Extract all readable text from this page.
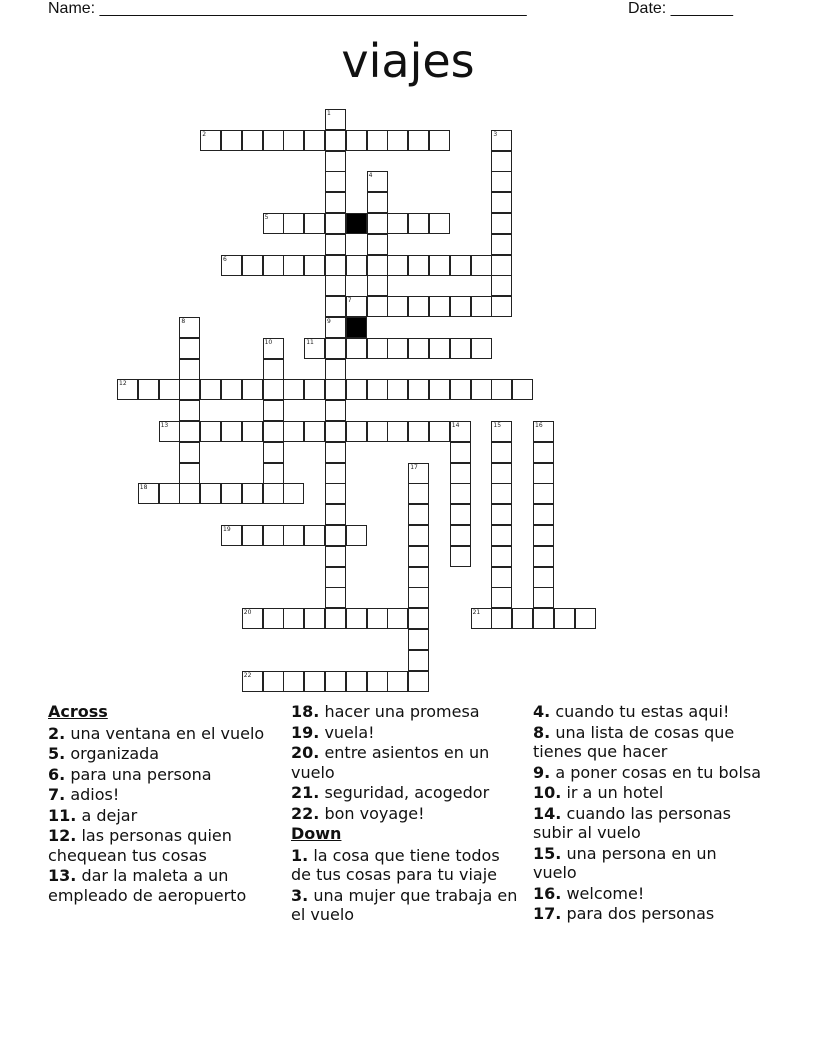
Name: ________________________________________________	Date: _______
viajes
1
2	3
4
5
6
7
8	9
10	11
12
13	14	15	16
17
18
19
20	21
22
Across
2. una ventana en el vuelo
5. organizada
6. para una persona
7. adios!
11. a dejar
12. las personas quien chequean tus cosas
13. dar la maleta a un empleado de aeropuerto
18. hacer una promesa
19. vuela!
20. entre asientos en un vuelo
21. seguridad, acogedor
22. bon voyage!
Down
1. la cosa que tiene todos de tus cosas para tu viaje
3. una mujer que trabaja en el vuelo
4. cuando tu estas aqui!
8. una lista de cosas que tienes que hacer
9. a poner cosas en tu bolsa
10. ir a un hotel
14. cuando las personas subir al vuelo
15. una persona en un vuelo
16. welcome!
17. para dos personas
